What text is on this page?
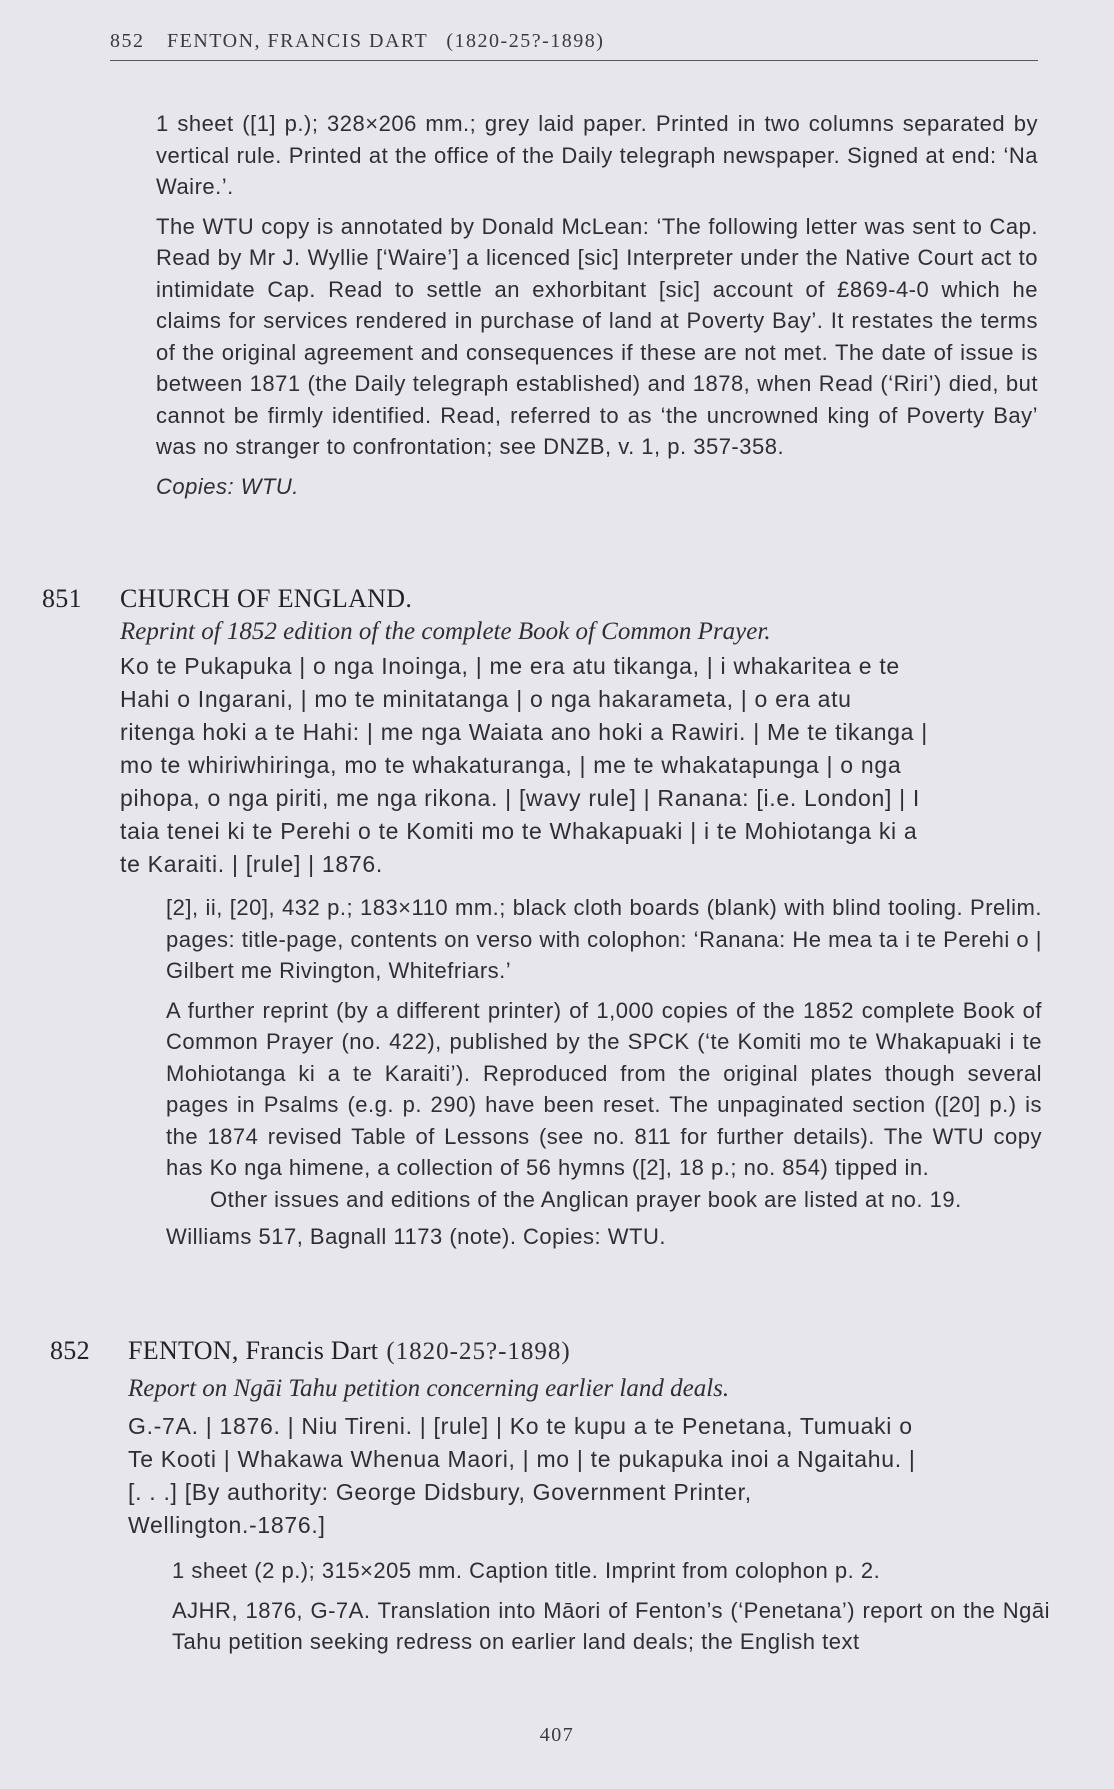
852 FENTON, FRANCIS DART (1820-25?-1898)

1 sheet ([1] p.); 328×206 mm.; grey laid paper. Printed in two columns separated by vertical rule. Printed at the office of the Daily telegraph newspaper. Signed at end: ‘Na Waire.’.

The WTU copy is annotated by Donald McLean: ‘The following letter was sent to Cap. Read by Mr J. Wyllie [‘Waire’] a licenced [sic] Interpreter under the Native Court act to intimidate Cap. Read to settle an exhorbitant [sic] account of £869-4-0 which he claims for services rendered in purchase of land at Poverty Bay’. It restates the terms of the original agreement and consequences if these are not met. The date of issue is between 1871 (the Daily telegraph established) and 1878, when Read (‘Riri’) died, but cannot be firmly identified. Read, referred to as ‘the uncrowned king of Poverty Bay’ was no stranger to confrontation; see DNZB, v. 1, p. 357-358.

Copies: WTU.

851 CHURCH OF ENGLAND.
Reprint of 1852 edition of the complete Book of Common Prayer.
Ko te Pukapuka | o nga Inoinga, | me era atu tikanga, | i whakaritea e te
Hahi o Ingarani, | mo te minitatanga | o nga hakarameta, | o era atu
ritenga hoki a te Hahi: | me nga Waiata ano hoki a Rawiri. | Me te tikanga |
mo te whiriwhiringa, mo te whakaturanga, | me te whakatapunga | o nga
pihopa, o nga piriti, me nga rikona. | [wavy rule] | Ranana: [i.e. London] | I
taia tenei ki te Perehi o te Komiti mo te Whakapuaki | i te Mohiotanga ki a
te Karaiti. | [rule] | 1876.

[2], ii, [20], 432 p.; 183×110 mm.; black cloth boards (blank) with blind tooling. Prelim. pages: title-page, contents on verso with colophon: ‘Ranana: He mea ta i te Perehi o | Gilbert me Rivington, Whitefriars.’

A further reprint (by a different printer) of 1,000 copies of the 1852 complete Book of Common Prayer (no. 422), published by the SPCK (‘te Komiti mo te Whakapuaki i te Mohiotanga ki a te Karaiti’). Reproduced from the original plates though several pages in Psalms (e.g. p. 290) have been reset. The unpaginated section ([20] p.) is the 1874 revised Table of Lessons (see no. 811 for further details). The WTU copy has Ko nga himene, a collection of 56 hymns ([2], 18 p.; no. 854) tipped in.

Other issues and editions of the Anglican prayer book are listed at no. 19.

Williams 517, Bagnall 1173 (note). Copies: WTU.

852 FENTON, Francis Dart (1820-25?-1898)
Report on Ngāi Tahu petition concerning earlier land deals.
G.-7A. | 1876. | Niu Tireni. | [rule] | Ko te kupu a te Penetana, Tumuaki o
Te Kooti | Whakawa Whenua Maori, | mo | te pukapuka inoi a Ngaitahu. |
[. . .] [By authority: George Didsbury, Government Printer,
Wellington.-1876.]

1 sheet (2 p.); 315×205 mm. Caption title. Imprint from colophon p. 2.

AJHR, 1876, G-7A. Translation into Māori of Fenton’s (‘Penetana’) report on the Ngāi Tahu petition seeking redress on earlier land deals; the English text

407
